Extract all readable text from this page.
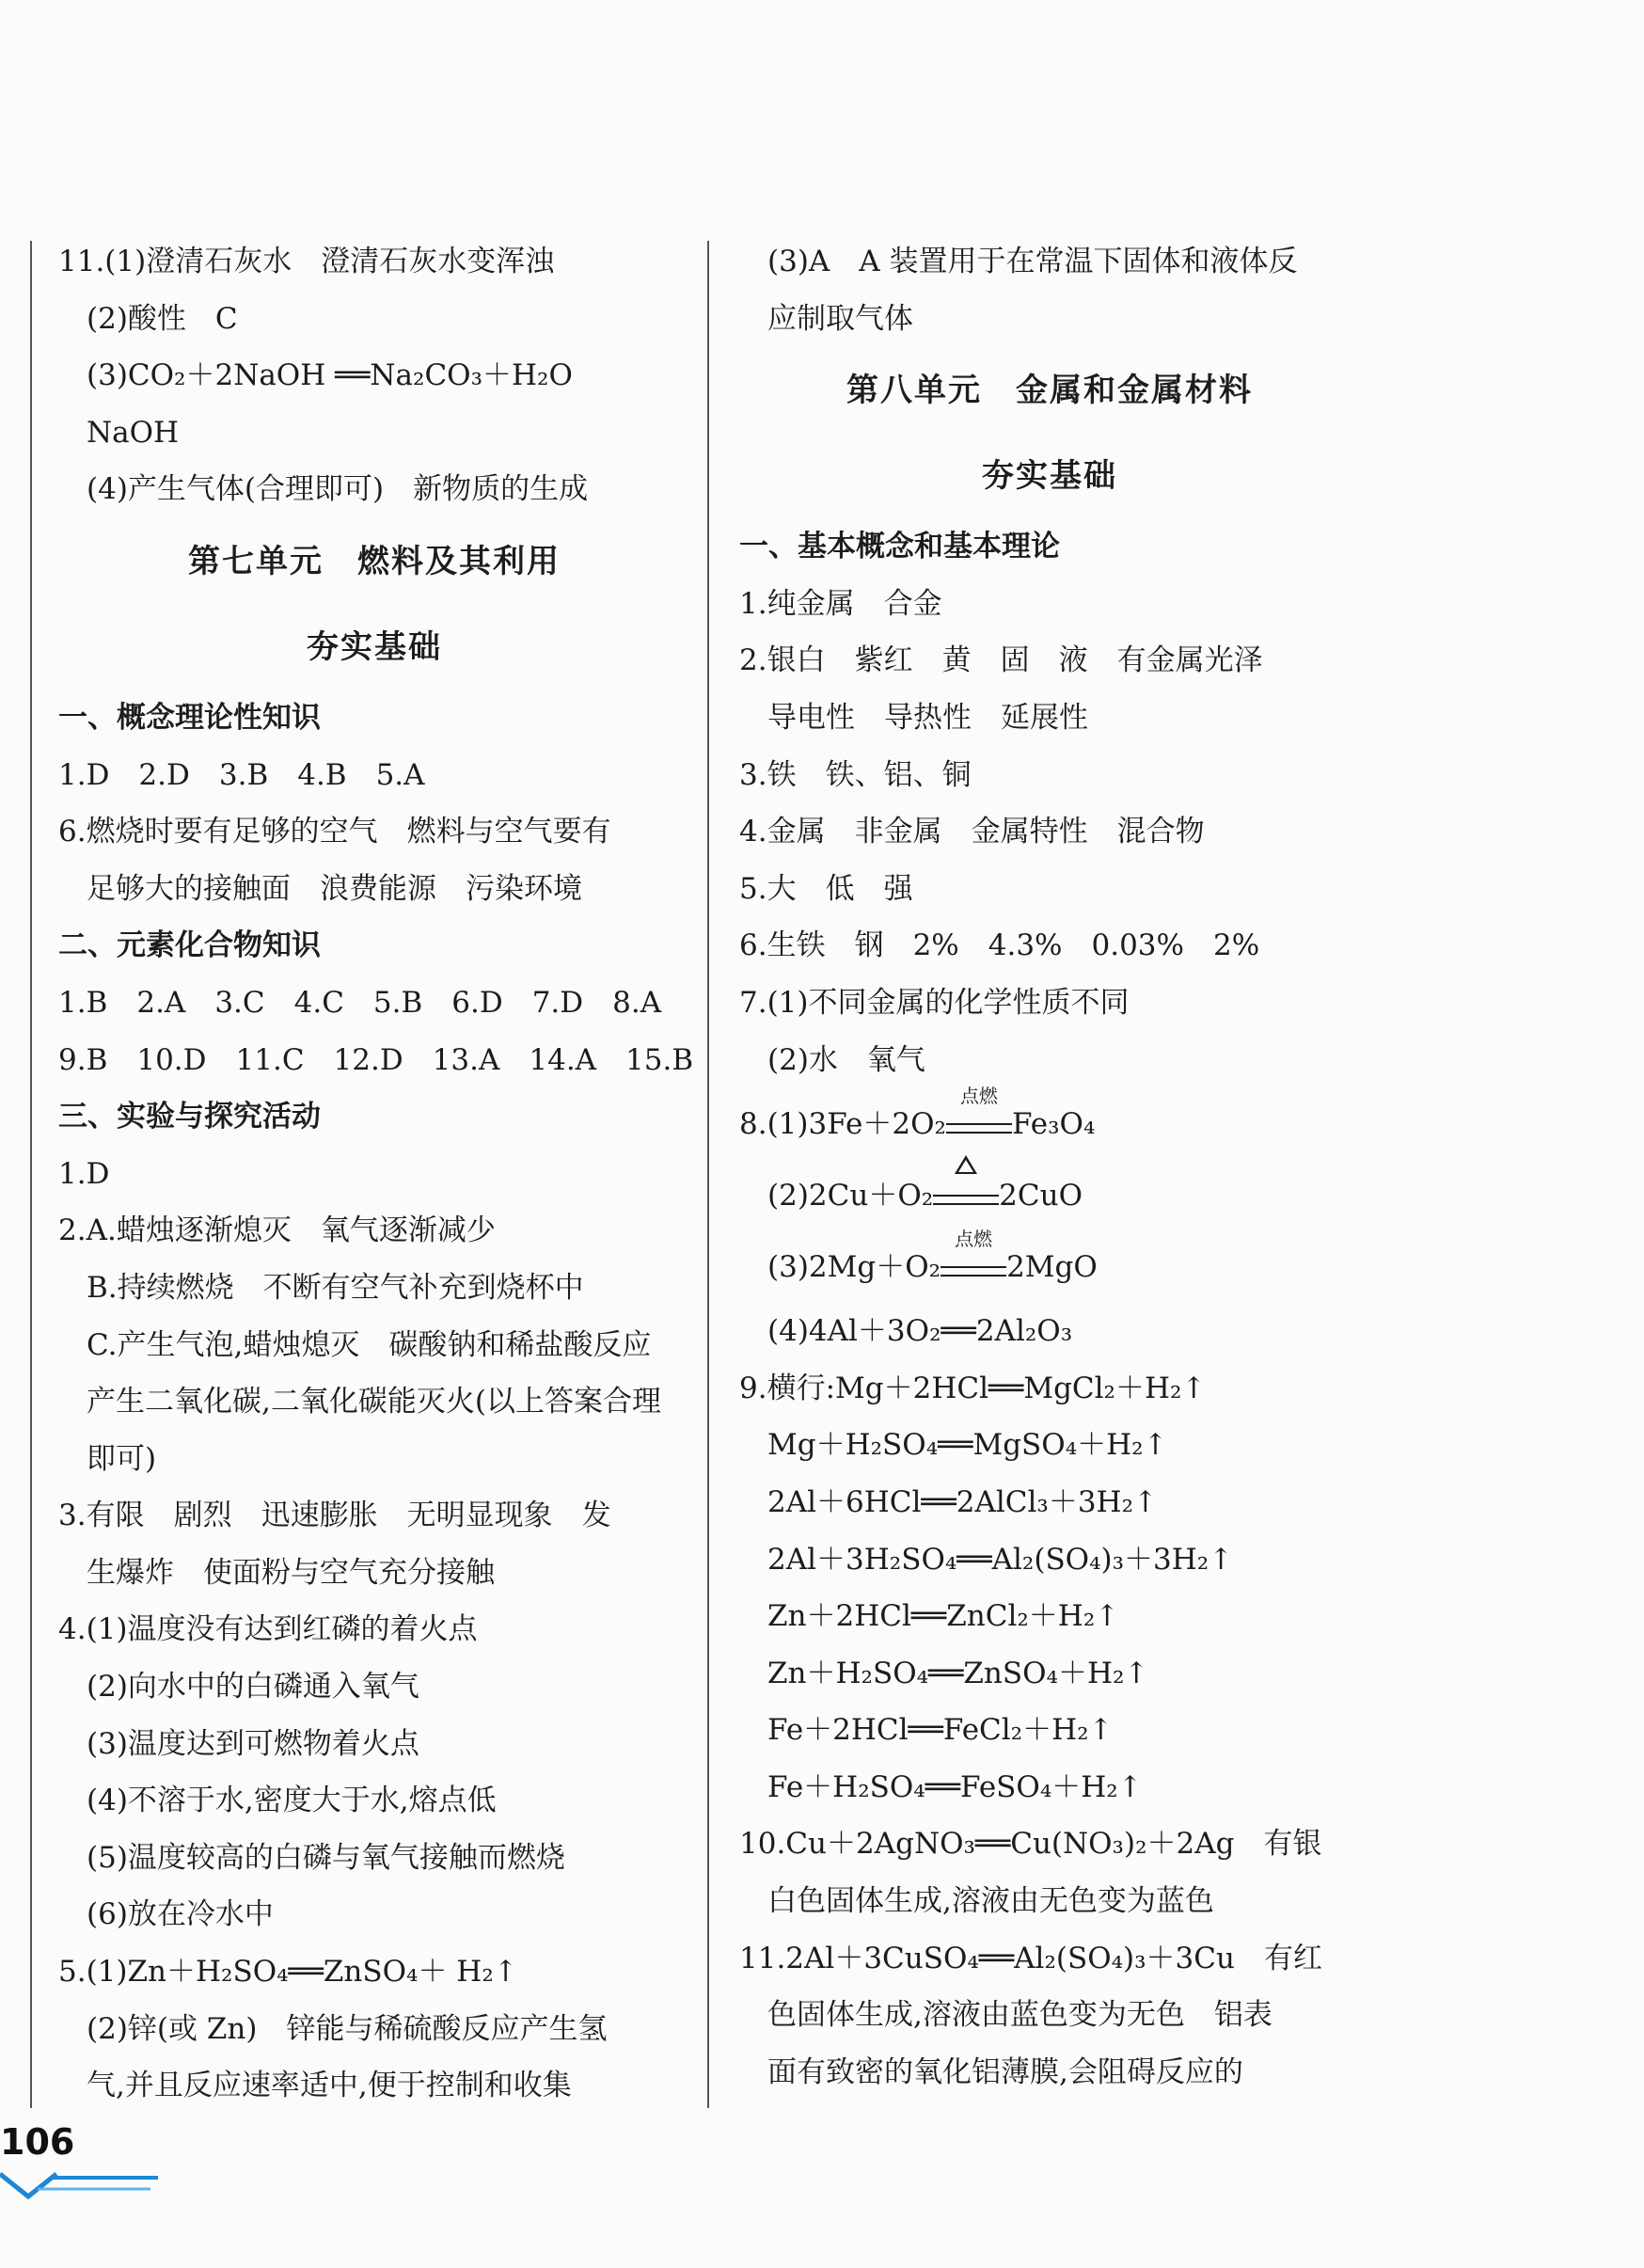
11.(1)澄清石灰水　澄清石灰水变浑浊
(2)酸性　C
(3)CO₂＋2NaOH ══Na₂CO₃＋H₂O
NaOH
(4)产生气体(合理即可)　新物质的生成
第七单元　燃料及其利用
夯实基础
一、概念理论性知识
1.D　2.D　3.B　4.B　5.A
6.燃烧时要有足够的空气　燃料与空气要有
足够大的接触面　浪费能源　污染环境
二、元素化合物知识
1.B　2.A　3.C　4.C　5.B　6.D　7.D　8.A
9.B　10.D　11.C　12.D　13.A　14.A　15.B
三、实验与探究活动
1.D
2.A.蜡烛逐渐熄灭　氧气逐渐减少
B.持续燃烧　不断有空气补充到烧杯中
C.产生气泡,蜡烛熄灭　碳酸钠和稀盐酸反应
产生二氧化碳,二氧化碳能灭火(以上答案合理
即可)
3.有限　剧烈　迅速膨胀　无明显现象　发
生爆炸　使面粉与空气充分接触
4.(1)温度没有达到红磷的着火点
(2)向水中的白磷通入氧气
(3)温度达到可燃物着火点
(4)不溶于水,密度大于水,熔点低
(5)温度较高的白磷与氧气接触而燃烧
(6)放在冷水中
5.(1)Zn＋H₂SO₄══ZnSO₄＋ H₂↑
(2)锌(或 Zn)　锌能与稀硫酸反应产生氢
气,并且反应速率适中,便于控制和收集
(3)A　A 装置用于在常温下固体和液体反
应制取气体
第八单元　金属和金属材料
夯实基础
一、基本概念和基本理论
1.纯金属　合金
2.银白　紫红　黄　固　液　有金属光泽
导电性　导热性　延展性
3.铁　铁、铝、铜
4.金属　非金属　金属特性　混合物
5.大　低　强
6.生铁　钢　2%　4.3%　0.03%　2%
7.(1)不同金属的化学性质不同
(2)水　氧气
8.(1)3Fe＋2O₂
点燃
Fe₃O₄
(2)2Cu＋O₂ 2CuO
(3)2Mg＋O₂
点燃
2MgO
(4)4Al＋3O₂══2Al₂O₃
9.横行:Mg＋2HCl══MgCl₂＋H₂↑
Mg＋H₂SO₄══MgSO₄＋H₂↑
2Al＋6HCl══2AlCl₃＋3H₂↑
2Al＋3H₂SO₄══Al₂(SO₄)₃＋3H₂↑
Zn＋2HCl══ZnCl₂＋H₂↑
Zn＋H₂SO₄══ZnSO₄＋H₂↑
Fe＋2HCl══FeCl₂＋H₂↑
Fe＋H₂SO₄══FeSO₄＋H₂↑
10.Cu＋2AgNO₃══Cu(NO₃)₂＋2Ag　有银
白色固体生成,溶液由无色变为蓝色
11.2Al＋3CuSO₄══Al₂(SO₄)₃＋3Cu　有红
色固体生成,溶液由蓝色变为无色　铝表
面有致密的氧化铝薄膜,会阻碍反应的
106
